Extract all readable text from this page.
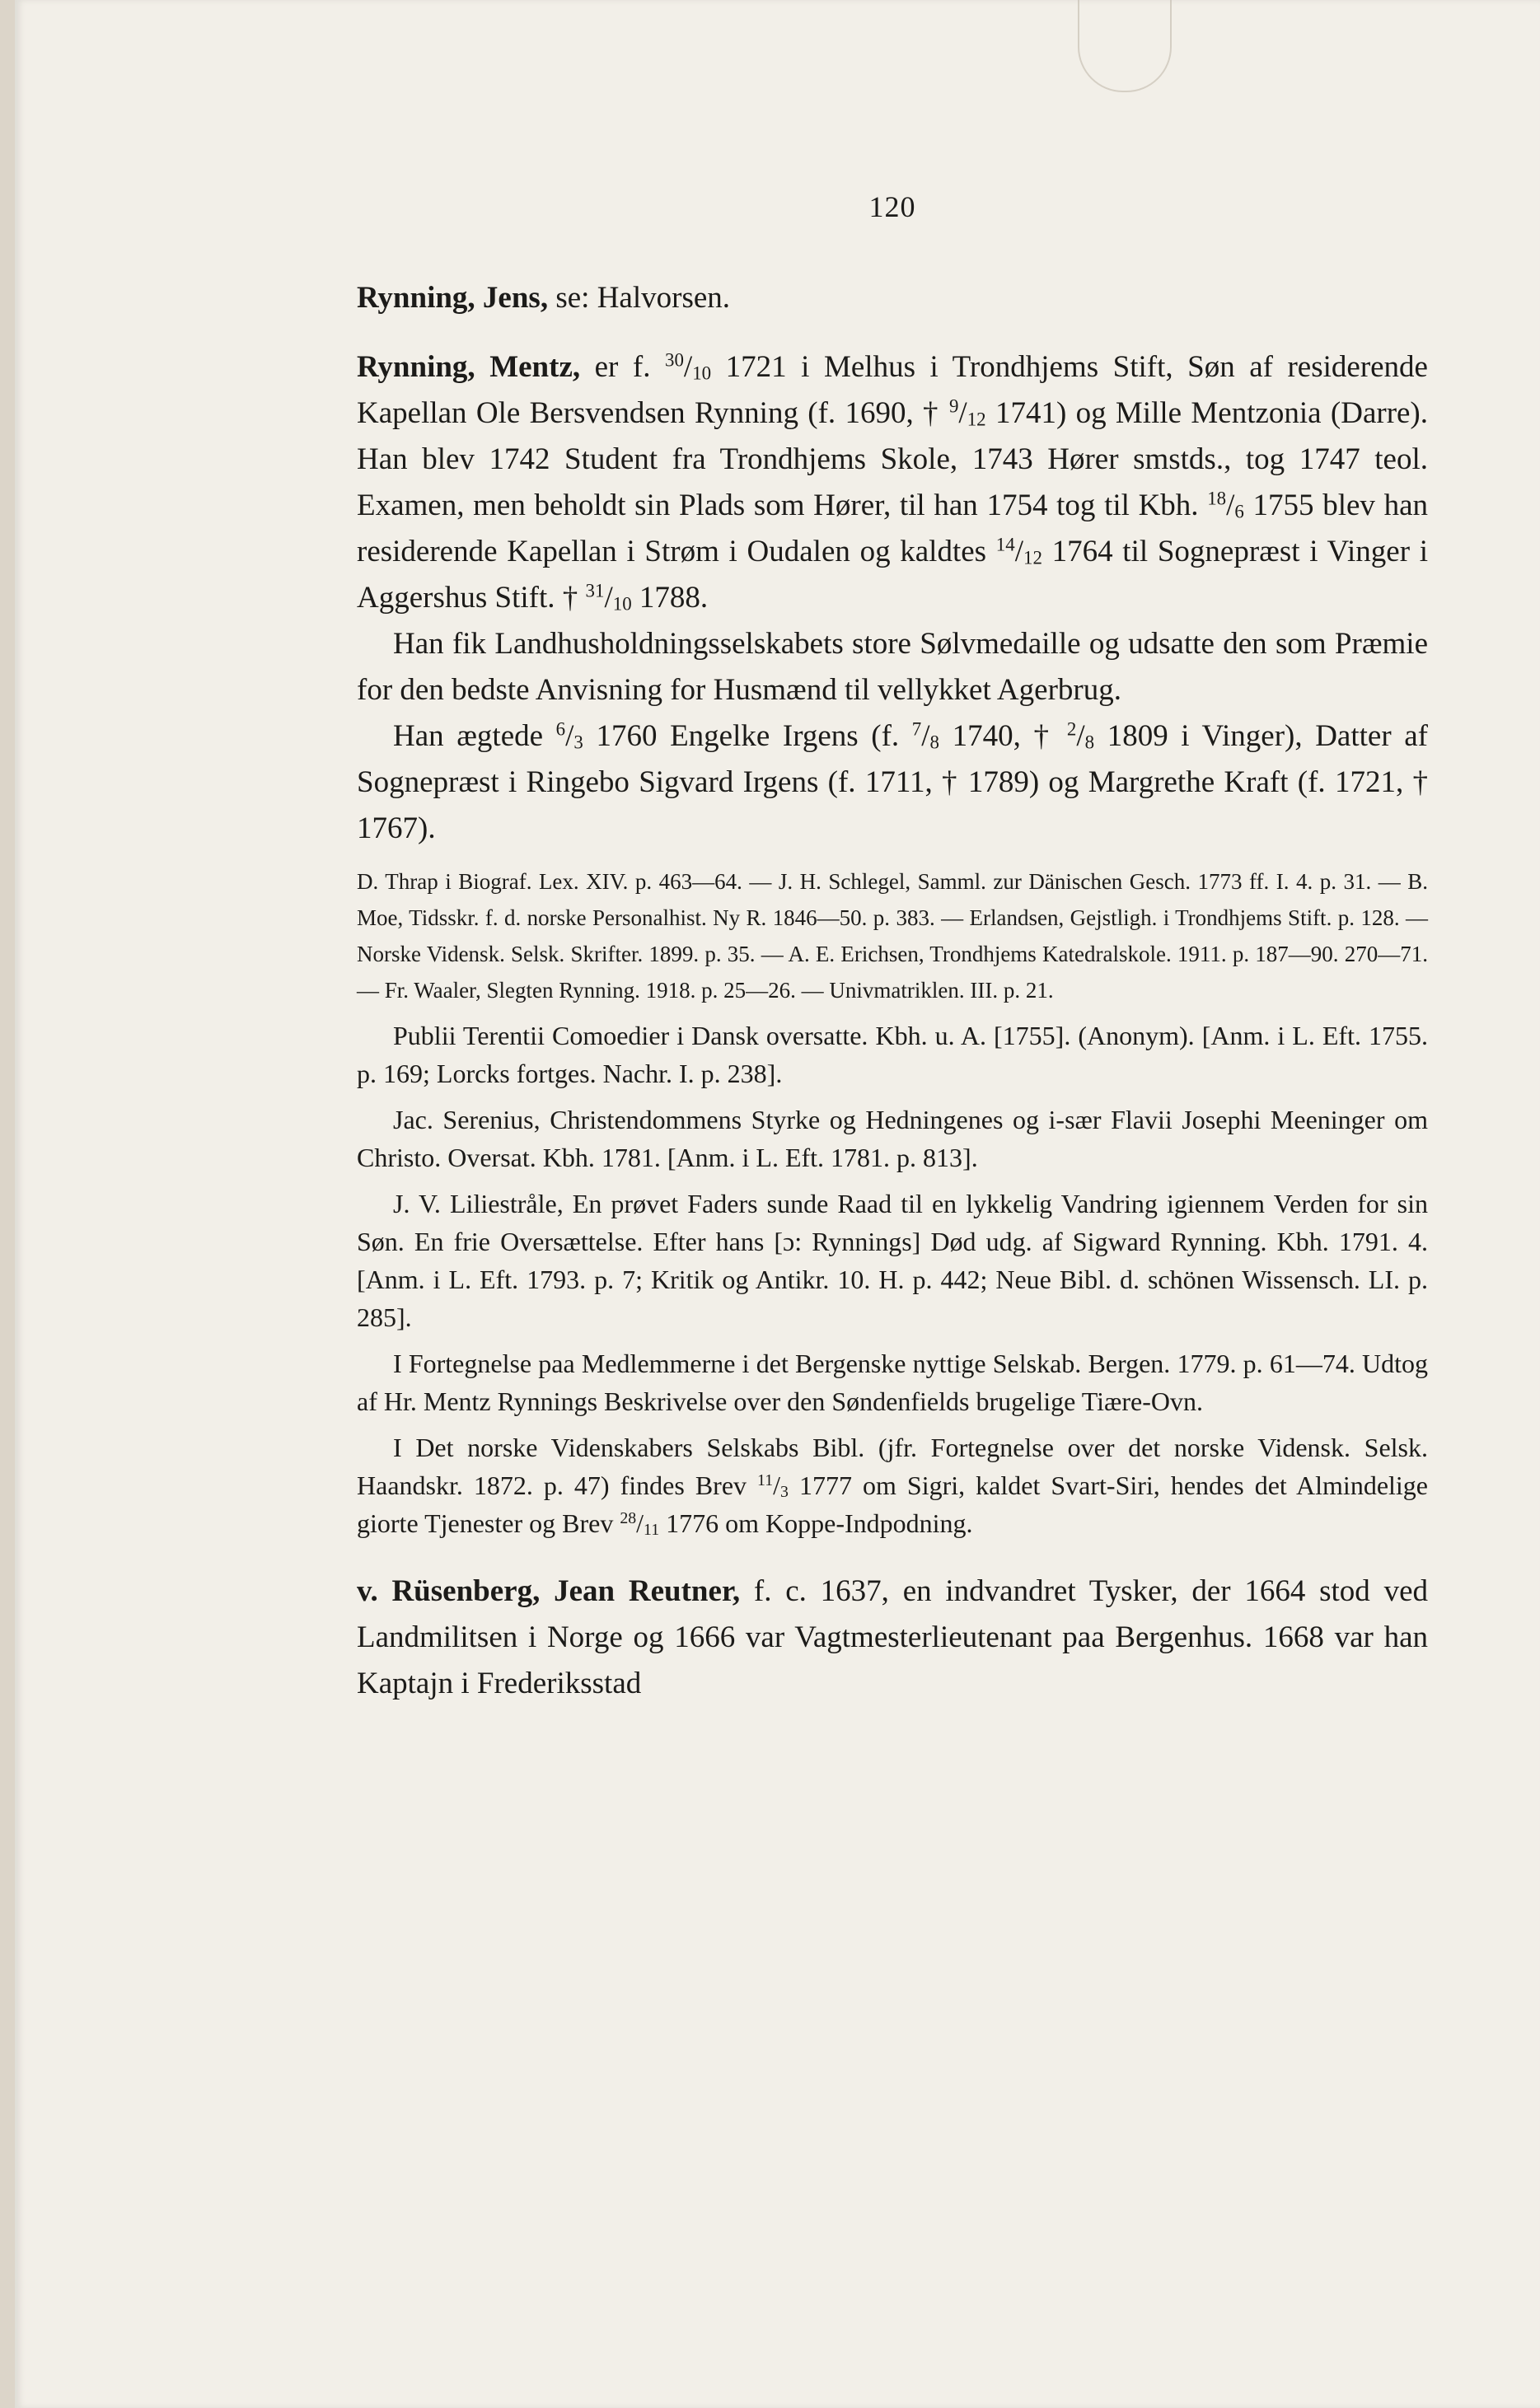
120

Rynning, Jens, se: Halvorsen.

Rynning, Mentz, er f. $^{30}/_{10}$ 1721 i Melhus i Trondhjems Stift, Søn af residerende Kapellan Ole Bersvendsen Rynning (f. 1690, † $^9/_{12}$ 1741) og Mille Mentzonia (Darre). Han blev 1742 Student fra Trondhjems Skole, 1743 Hører smstds., tog 1747 teol. Examen, men beholdt sin Plads som Hører, til han 1754 tog til Kbh. $^{18}/_6$ 1755 blev han residerende Kapellan i Strøm i Oudalen og kaldtes $^{14}/_{12}$ 1764 til Sognepræst i Vinger i Aggershus Stift. † $^{31}/_{10}$ 1788.

Han fik Landhusholdningsselskabets store Sølvmedaille og udsatte den som Præmie for den bedste Anvisning for Husmænd til vellykket Agerbrug.

Han ægtede $^6/_3$ 1760 Engelke Irgens (f. $^7/_8$ 1740, † $^2/_8$ 1809 i Vinger), Datter af Sognepræst i Ringebo Sigvard Irgens (f. 1711, † 1789) og Margrethe Kraft (f. 1721, † 1767).

D. Thrap i Biograf. Lex. XIV. p. 463—64. — J. H. Schlegel, Samml. zur Dänischen Gesch. 1773 ff. I. 4. p. 31. — B. Moe, Tidsskr. f. d. norske Personalhist. Ny R. 1846—50. p. 383. — Erlandsen, Gejstligh. i Trondhjems Stift. p. 128. — Norske Vidensk. Selsk. Skrifter. 1899. p. 35. — A. E. Erichsen, Trondhjems Katedralskole. 1911. p. 187—90. 270—71. — Fr. Waaler, Slegten Rynning. 1918. p. 25—26. — Univmatriklen. III. p. 21.

Publii Terentii Comoedier i Dansk oversatte. Kbh. u. A. [1755]. (Anonym). [Anm. i L. Eft. 1755. p. 169; Lorcks fortges. Nachr. I. p. 238].

Jac. Serenius, Christendommens Styrke og Hedningenes og i-sær Flavii Josephi Meeninger om Christo. Oversat. Kbh. 1781. [Anm. i L. Eft. 1781. p. 813].

J. V. Liliestråle, En prøvet Faders sunde Raad til en lykkelig Vandring igiennem Verden for sin Søn. En frie Oversættelse. Efter hans [ɔ: Rynnings] Død udg. af Sigward Rynning. Kbh. 1791. 4. [Anm. i L. Eft. 1793. p. 7; Kritik og Antikr. 10. H. p. 442; Neue Bibl. d. schönen Wissensch. LI. p. 285].

I Fortegnelse paa Medlemmerne i det Bergenske nyttige Selskab. Bergen. 1779. p. 61—74. Udtog af Hr. Mentz Rynnings Beskrivelse over den Søndenfields brugelige Tiære-Ovn.

I Det norske Videnskabers Selskabs Bibl. (jfr. Fortegnelse over det norske Vidensk. Selsk. Haandskr. 1872. p. 47) findes Brev $^{11}/_3$ 1777 om Sigri, kaldet Svart-Siri, hendes det Almindelige giorte Tjenester og Brev $^{28}/_{11}$ 1776 om Koppe-Indpodning.

v. Rüsenberg, Jean Reutner, f. c. 1637, en indvandret Tysker, der 1664 stod ved Landmilitsen i Norge og 1666 var Vagtmesterlieutenant paa Bergenhus. 1668 var han Kaptajn i Frederiksstad
